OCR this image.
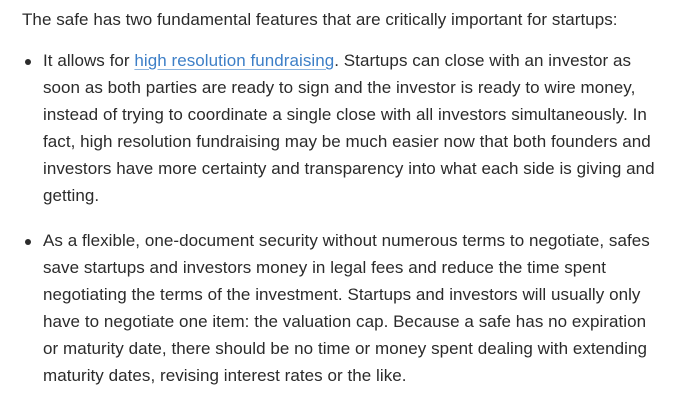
The safe has two fundamental features that are critically important for startups:

It allows for high resolution fundraising. Startups can close with an investor as soon as both parties are ready to sign and the investor is ready to wire money, instead of trying to coordinate a single close with all investors simultaneously. In fact, high resolution fundraising may be much easier now that both founders and investors have more certainty and transparency into what each side is giving and getting.
As a flexible, one-document security without numerous terms to negotiate, safes save startups and investors money in legal fees and reduce the time spent negotiating the terms of the investment. Startups and investors will usually only have to negotiate one item: the valuation cap. Because a safe has no expiration or maturity date, there should be no time or money spent dealing with extending maturity dates, revising interest rates or the like.
